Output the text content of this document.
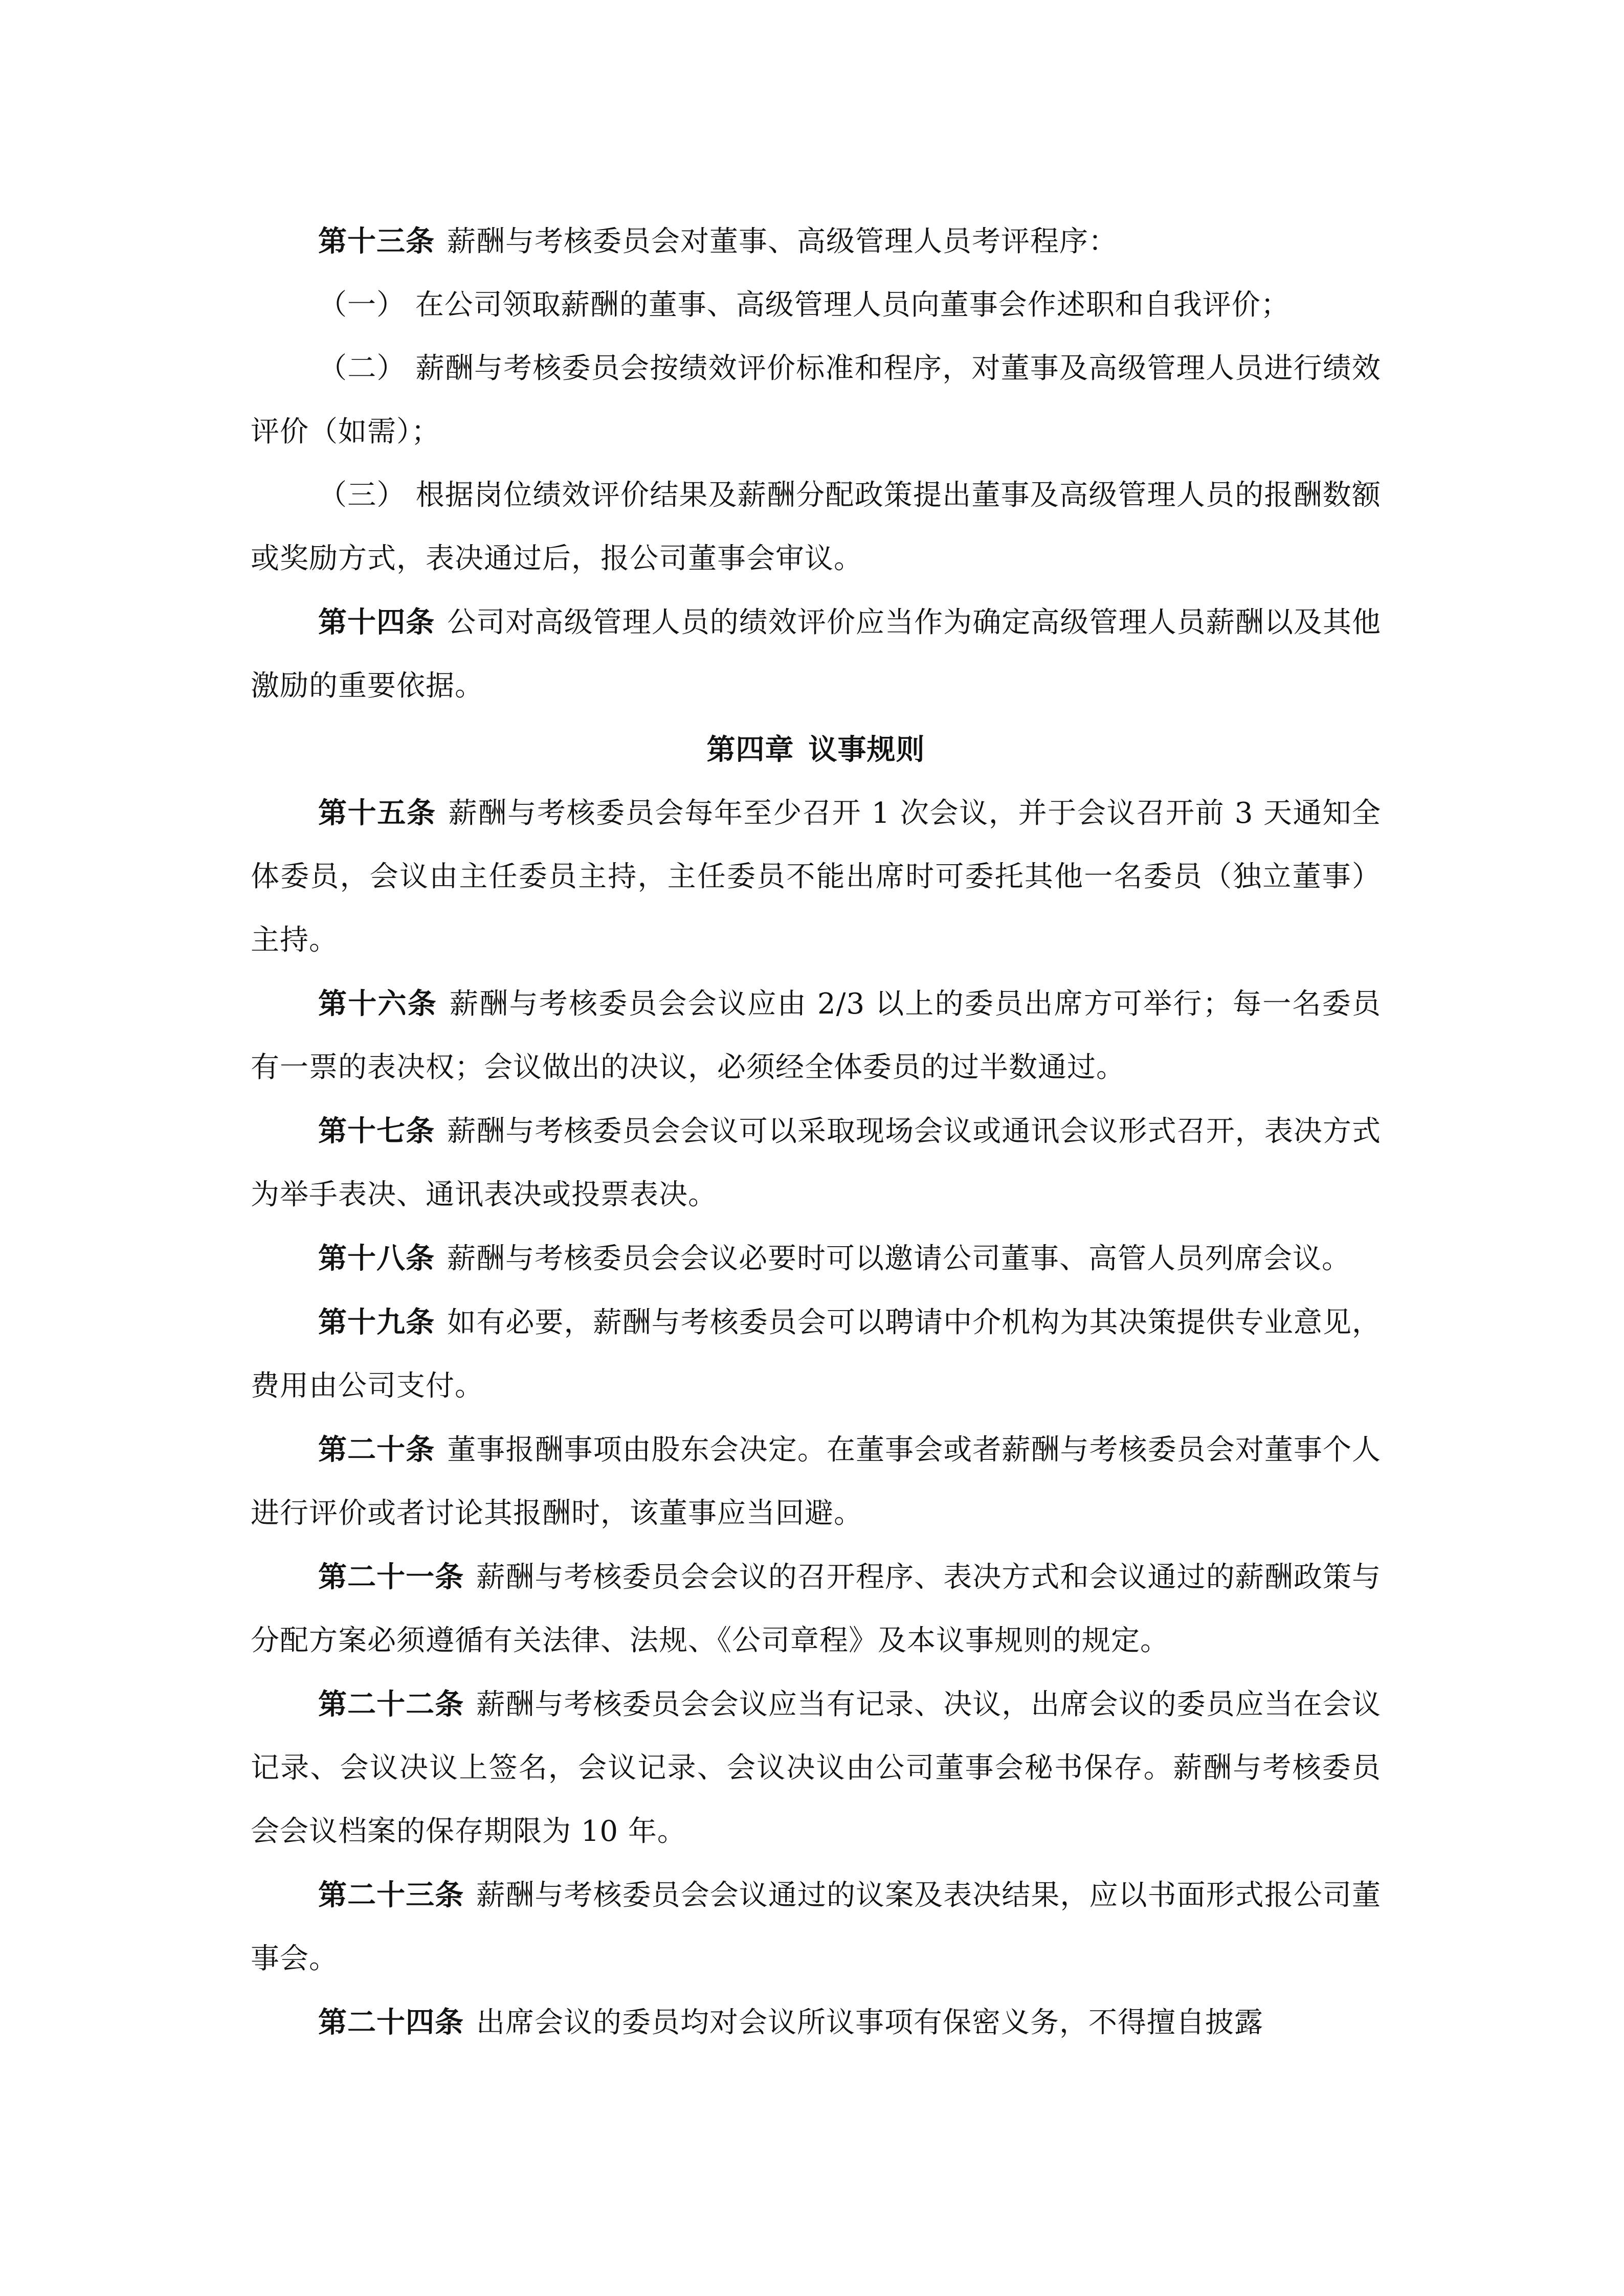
第十三条 薪酬与考核委员会对董事、高级管理人员考评程序：

（一） 在公司领取薪酬的董事、高级管理人员向董事会作述职和自我评价；

（二） 薪酬与考核委员会按绩效评价标准和程序，对董事及高级管理人员进行绩效评价（如需）；

（三） 根据岗位绩效评价结果及薪酬分配政策提出董事及高级管理人员的报酬数额或奖励方式，表决通过后，报公司董事会审议。

第十四条 公司对高级管理人员的绩效评价应当作为确定高级管理人员薪酬以及其他激励的重要依据。

第四章 议事规则

第十五条 薪酬与考核委员会每年至少召开 1 次会议，并于会议召开前 3 天通知全体委员，会议由主任委员主持，主任委员不能出席时可委托其他一名委员（独立董事）主持。

第十六条 薪酬与考核委员会会议应由 2/3 以上的委员出席方可举行；每一名委员有一票的表决权；会议做出的决议，必须经全体委员的过半数通过。

第十七条 薪酬与考核委员会会议可以采取现场会议或通讯会议形式召开，表决方式为举手表决、通讯表决或投票表决。

第十八条 薪酬与考核委员会会议必要时可以邀请公司董事、高管人员列席会议。

第十九条 如有必要，薪酬与考核委员会可以聘请中介机构为其决策提供专业意见，费用由公司支付。

第二十条 董事报酬事项由股东会决定。在董事会或者薪酬与考核委员会对董事个人进行评价或者讨论其报酬时，该董事应当回避。

第二十一条 薪酬与考核委员会会议的召开程序、表决方式和会议通过的薪酬政策与分配方案必须遵循有关法律、法规、《公司章程》及本议事规则的规定。

第二十二条 薪酬与考核委员会会议应当有记录、决议，出席会议的委员应当在会议记录、会议决议上签名，会议记录、会议决议由公司董事会秘书保存。薪酬与考核委员会会议档案的保存期限为 10 年。

第二十三条 薪酬与考核委员会会议通过的议案及表决结果，应以书面形式报公司董事会。

第二十四条 出席会议的委员均对会议所议事项有保密义务，不得擅自披露
